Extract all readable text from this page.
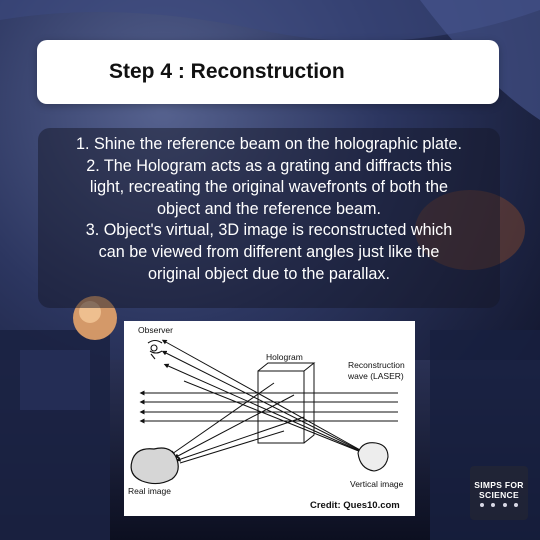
Step 4 : Reconstruction

1. Shine the reference beam on the holographic plate.

2. The Hologram acts as a grating and diffracts this

light, recreating the original wavefronts of both the

object and the reference beam.

3. Object's virtual, 3D image is reconstructed which

can be viewed from different angles just like the

original object due to the parallax.

Observer
Hologram
Reconstruction
wave (LASER)
Real image
Vertical image
Credit: Ques10.com
SIMPS FOR
SCIENCE
